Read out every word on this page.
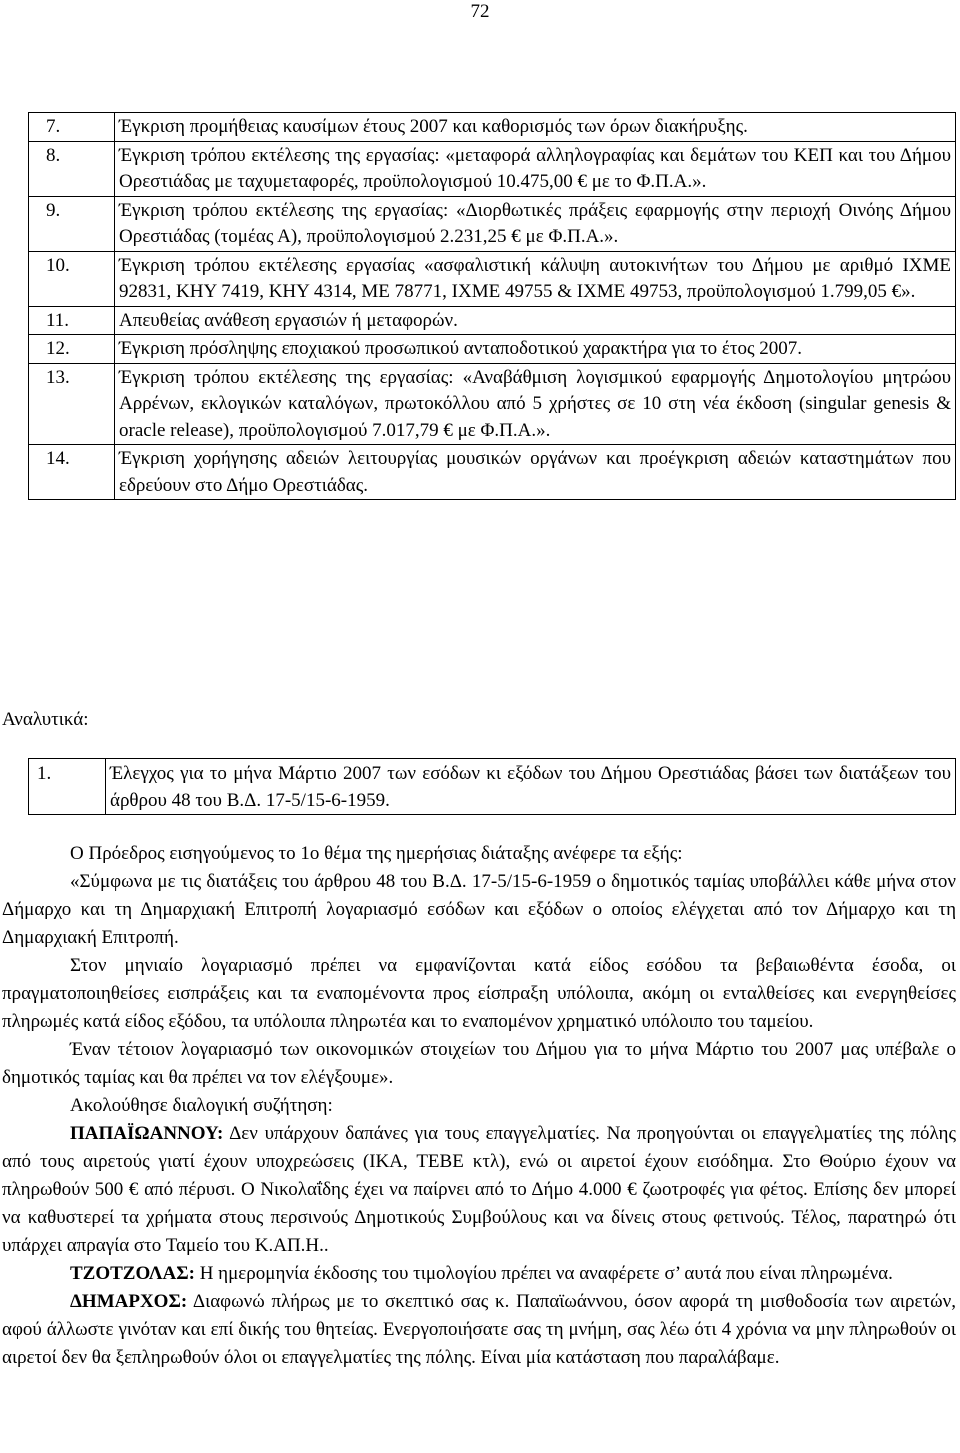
72
7.	Έγκριση προμήθειας καυσίμων έτους 2007 και καθορισμός των όρων διακήρυξης.
8.	Έγκριση τρόπου εκτέλεσης της εργασίας: «μεταφορά αλληλογραφίας και δεμάτων του ΚΕΠ και του Δήμου Ορεστιάδας με ταχυμεταφορές, προϋπολογισμού 10.475,00 € με το Φ.Π.Α.».
9.	Έγκριση τρόπου εκτέλεσης της εργασίας: «Διορθωτικές πράξεις εφαρμογής στην περιοχή Οινόης Δήμου Ορεστιάδας (τομέας Α), προϋπολογισμού 2.231,25 € με Φ.Π.Α.».
10.	Έγκριση τρόπου εκτέλεσης εργασίας «ασφαλιστική κάλυψη αυτοκινήτων του Δήμου με αριθμό ΙΧΜΕ 92831, ΚΗΥ 7419, ΚΗΥ 4314, ΜΕ 78771, ΙΧΜΕ 49755 & ΙΧΜΕ 49753, προϋπολογισμού 1.799,05 €».
11.	Απευθείας ανάθεση εργασιών ή μεταφορών.
12.	Έγκριση πρόσληψης εποχιακού προσωπικού ανταποδοτικού χαρακτήρα για το έτος 2007.
13.	Έγκριση τρόπου εκτέλεσης της εργασίας: «Αναβάθμιση λογισμικού εφαρμογής Δημοτολογίου μητρώου Αρρένων, εκλογικών καταλόγων, πρωτοκόλλου από 5 χρήστες σε 10 στη νέα έκδοση (singular genesis & oracle release), προϋπολογισμού 7.017,79 € με Φ.Π.Α.».
14.	Έγκριση χορήγησης αδειών λειτουργίας μουσικών οργάνων και προέγκριση αδειών καταστημάτων που εδρεύουν στο Δήμο Ορεστιάδας.
Αναλυτικά:
1.	Έλεγχος για το μήνα Μάρτιο 2007 των εσόδων κι εξόδων του Δήμου Ορεστιάδας βάσει των διατάξεων του άρθρου 48 του Β.Δ. 17-5/15-6-1959.

Ο Πρόεδρος εισηγούμενος το 1ο θέμα της ημερήσιας διάταξης ανέφερε τα εξής:

«Σύμφωνα με τις διατάξεις του άρθρου 48 του Β.Δ. 17-5/15-6-1959 ο δημοτικός ταμίας υποβάλλει κάθε μήνα στον Δήμαρχο και τη Δημαρχιακή Επιτροπή λογαριασμό εσόδων και εξόδων ο οποίος ελέγχεται από τον Δήμαρχο και τη Δημαρχιακή Επιτροπή.

Στον μηνιαίο λογαριασμό πρέπει να εμφανίζονται κατά είδος εσόδου τα βεβαιωθέντα έσοδα, οι πραγματοποιηθείσες εισπράξεις και τα εναπομένοντα προς είσπραξη υπόλοιπα, ακόμη οι ενταλθείσες και ενεργηθείσες πληρωμές κατά είδος εξόδου, τα υπόλοιπα πληρωτέα και το εναπομένον χρηματικό υπόλοιπο του ταμείου.

Έναν τέτοιον λογαριασμό των οικονομικών στοιχείων του Δήμου για το μήνα Μάρτιο του 2007 μας υπέβαλε ο δημοτικός ταμίας και θα πρέπει να τον ελέγξουμε».

Ακολούθησε διαλογική συζήτηση:

ΠΑΠΑΪΩΑΝΝΟΥ: Δεν υπάρχουν δαπάνες για τους επαγγελματίες. Να προηγούνται οι επαγγελματίες της πόλης από τους αιρετούς γιατί έχουν υποχρεώσεις (ΙΚΑ, ΤΕΒΕ κτλ), ενώ οι αιρετοί έχουν εισόδημα. Στο Θούριο έχουν να πληρωθούν 500 € από πέρυσι. Ο Νικολαΐδης έχει να παίρνει από το Δήμο 4.000 € ζωοτροφές για φέτος. Επίσης δεν μπορεί να καθυστερεί τα χρήματα στους περσινούς Δημοτικούς Συμβούλους και να δίνεις στους φετινούς. Τέλος, παρατηρώ ότι υπάρχει απραγία στο Ταμείο του Κ.ΑΠ.Η..

ΤΖΟΤΖΟΛΑΣ: Η ημερομηνία έκδοσης του τιμολογίου πρέπει να αναφέρετε σ’ αυτά που είναι πληρωμένα.

ΔΗΜΑΡΧΟΣ: Διαφωνώ πλήρως με το σκεπτικό σας κ. Παπαϊωάννου, όσον αφορά τη μισθοδοσία των αιρετών, αφού άλλωστε γινόταν και επί δικής του θητείας. Ενεργοποιήσατε σας τη μνήμη, σας λέω ότι 4 χρόνια να μην πληρωθούν οι αιρετοί δεν θα ξεπληρωθούν όλοι οι επαγγελματίες της πόλης. Είναι μία κατάσταση που παραλάβαμε.
